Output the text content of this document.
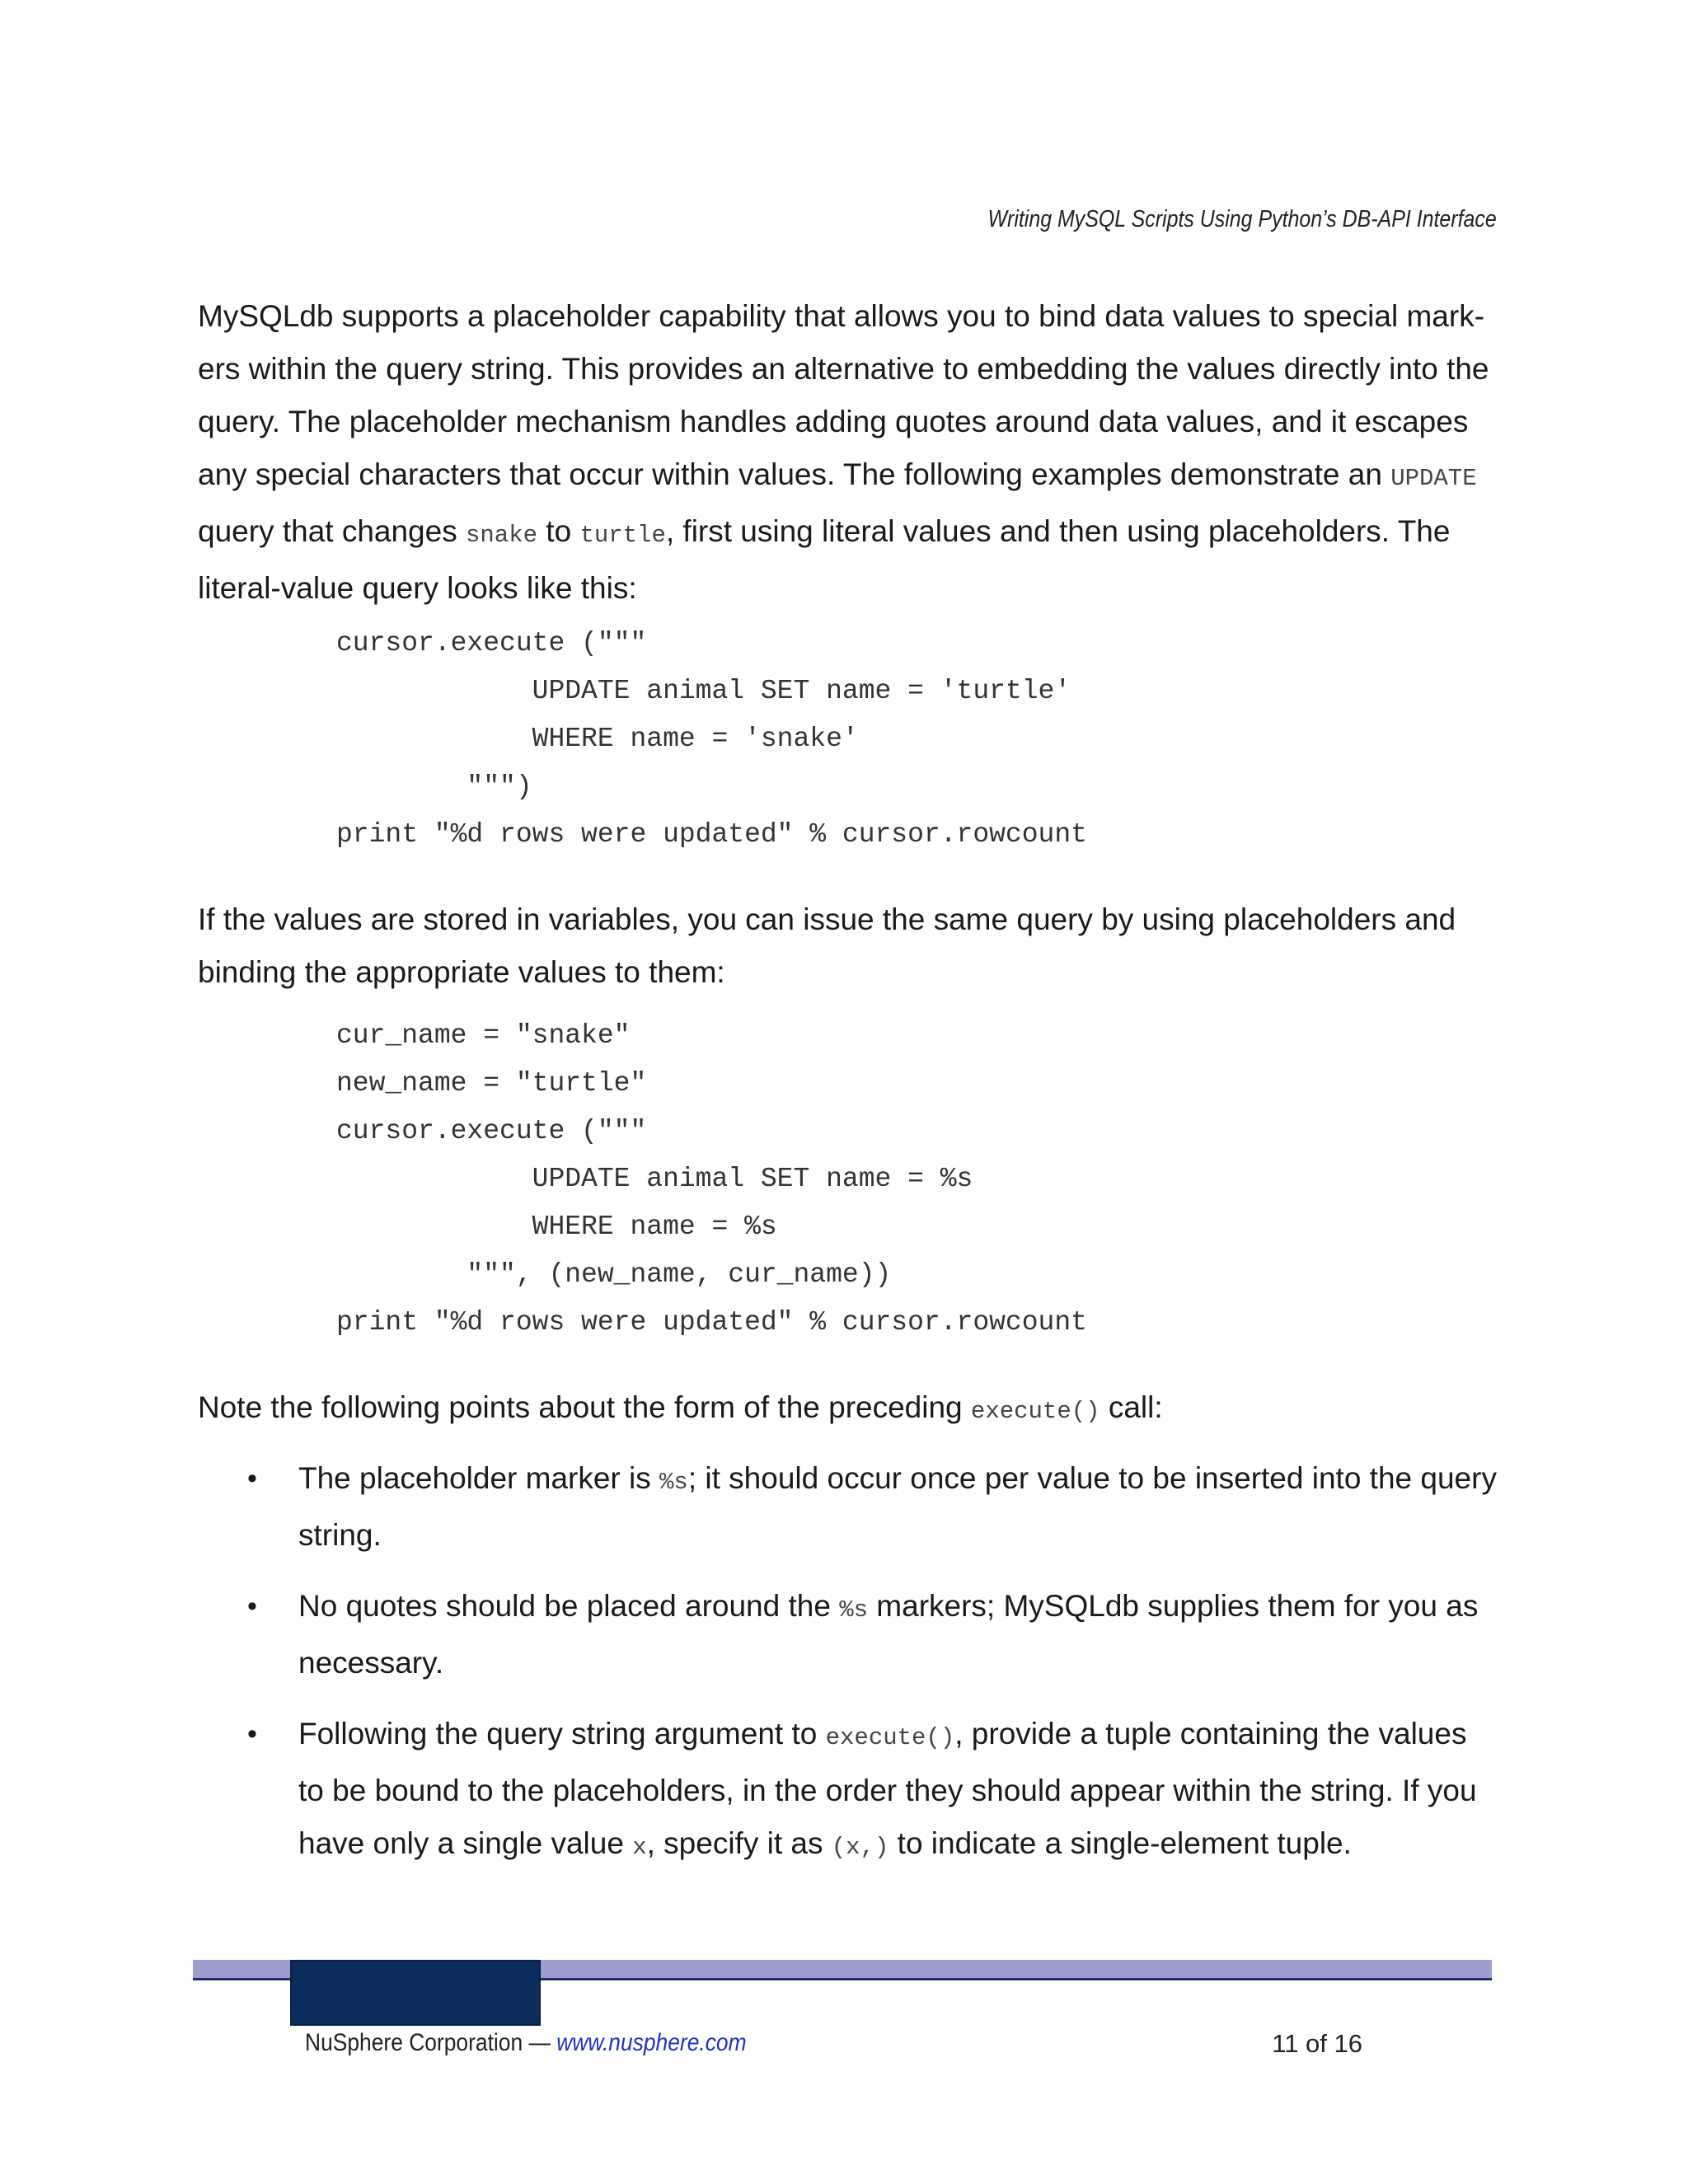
Writing MySQL Scripts Using Python’s DB-API Interface

MySQLdb supports a placeholder capability that allows you to bind data values to special mark-ers within the query string. This provides an alternative to embedding the values directly into the query. The placeholder mechanism handles adding quotes around data values, and it escapes any special characters that occur within values. The following examples demonstrate an UPDATE query that changes snake to turtle, first using literal values and then using placeholders. The literal-value query looks like this:

cursor.execute ("""
UPDATE animal SET name = 'turtle'
WHERE name = 'snake'
""")
print "%d rows were updated" % cursor.rowcount

If the values are stored in variables, you can issue the same query by using placeholders and binding the appropriate values to them:

cur_name = "snake"
new_name = "turtle"
cursor.execute ("""
UPDATE animal SET name = %s
WHERE name = %s
""", (new_name, cur_name))
print "%d rows were updated" % cursor.rowcount

Note the following points about the form of the preceding execute() call:

• The placeholder marker is %s; it should occur once per value to be inserted into the query string.
• No quotes should be placed around the %s markers; MySQLdb supplies them for you as necessary.
• Following the query string argument to execute(), provide a tuple containing the values to be bound to the placeholders, in the order they should appear within the string. If you have only a single value x, specify it as (x,) to indicate a single-element tuple.
NuSphere Corporation — www.nusphere.com	11 of 16
